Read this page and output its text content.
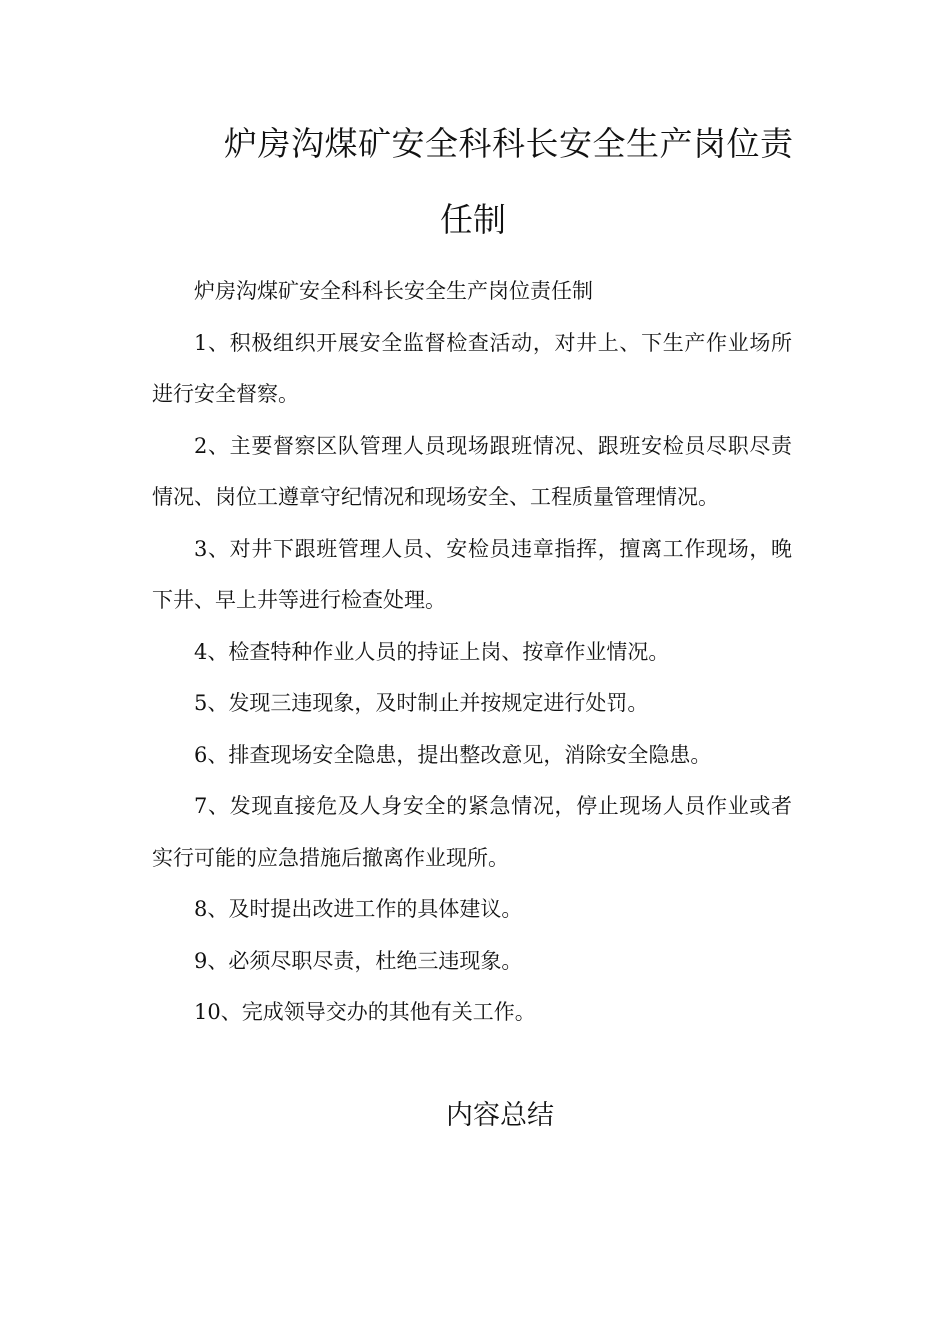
炉房沟煤矿安全科科长安全生产岗位责
任制

炉房沟煤矿安全科科长安全生产岗位责任制

1、积极组织开展安全监督检查活动，对井上、下生产作业场所进行安全督察。

2、主要督察区队管理人员现场跟班情况、跟班安检员尽职尽责情况、岗位工遵章守纪情况和现场安全、工程质量管理情况。

3、对井下跟班管理人员、安检员违章指挥，擅离工作现场，晚下井、早上井等进行检查处理。

4、检查特种作业人员的持证上岗、按章作业情况。

5、发现三违现象，及时制止并按规定进行处罚。

6、排查现场安全隐患，提出整改意见，消除安全隐患。

7、发现直接危及人身安全的紧急情况，停止现场人员作业或者实行可能的应急措施后撤离作业现所。

8、及时提出改进工作的具体建议。

9、必须尽职尽责，杜绝三违现象。

10、完成领导交办的其他有关工作。

内容总结
